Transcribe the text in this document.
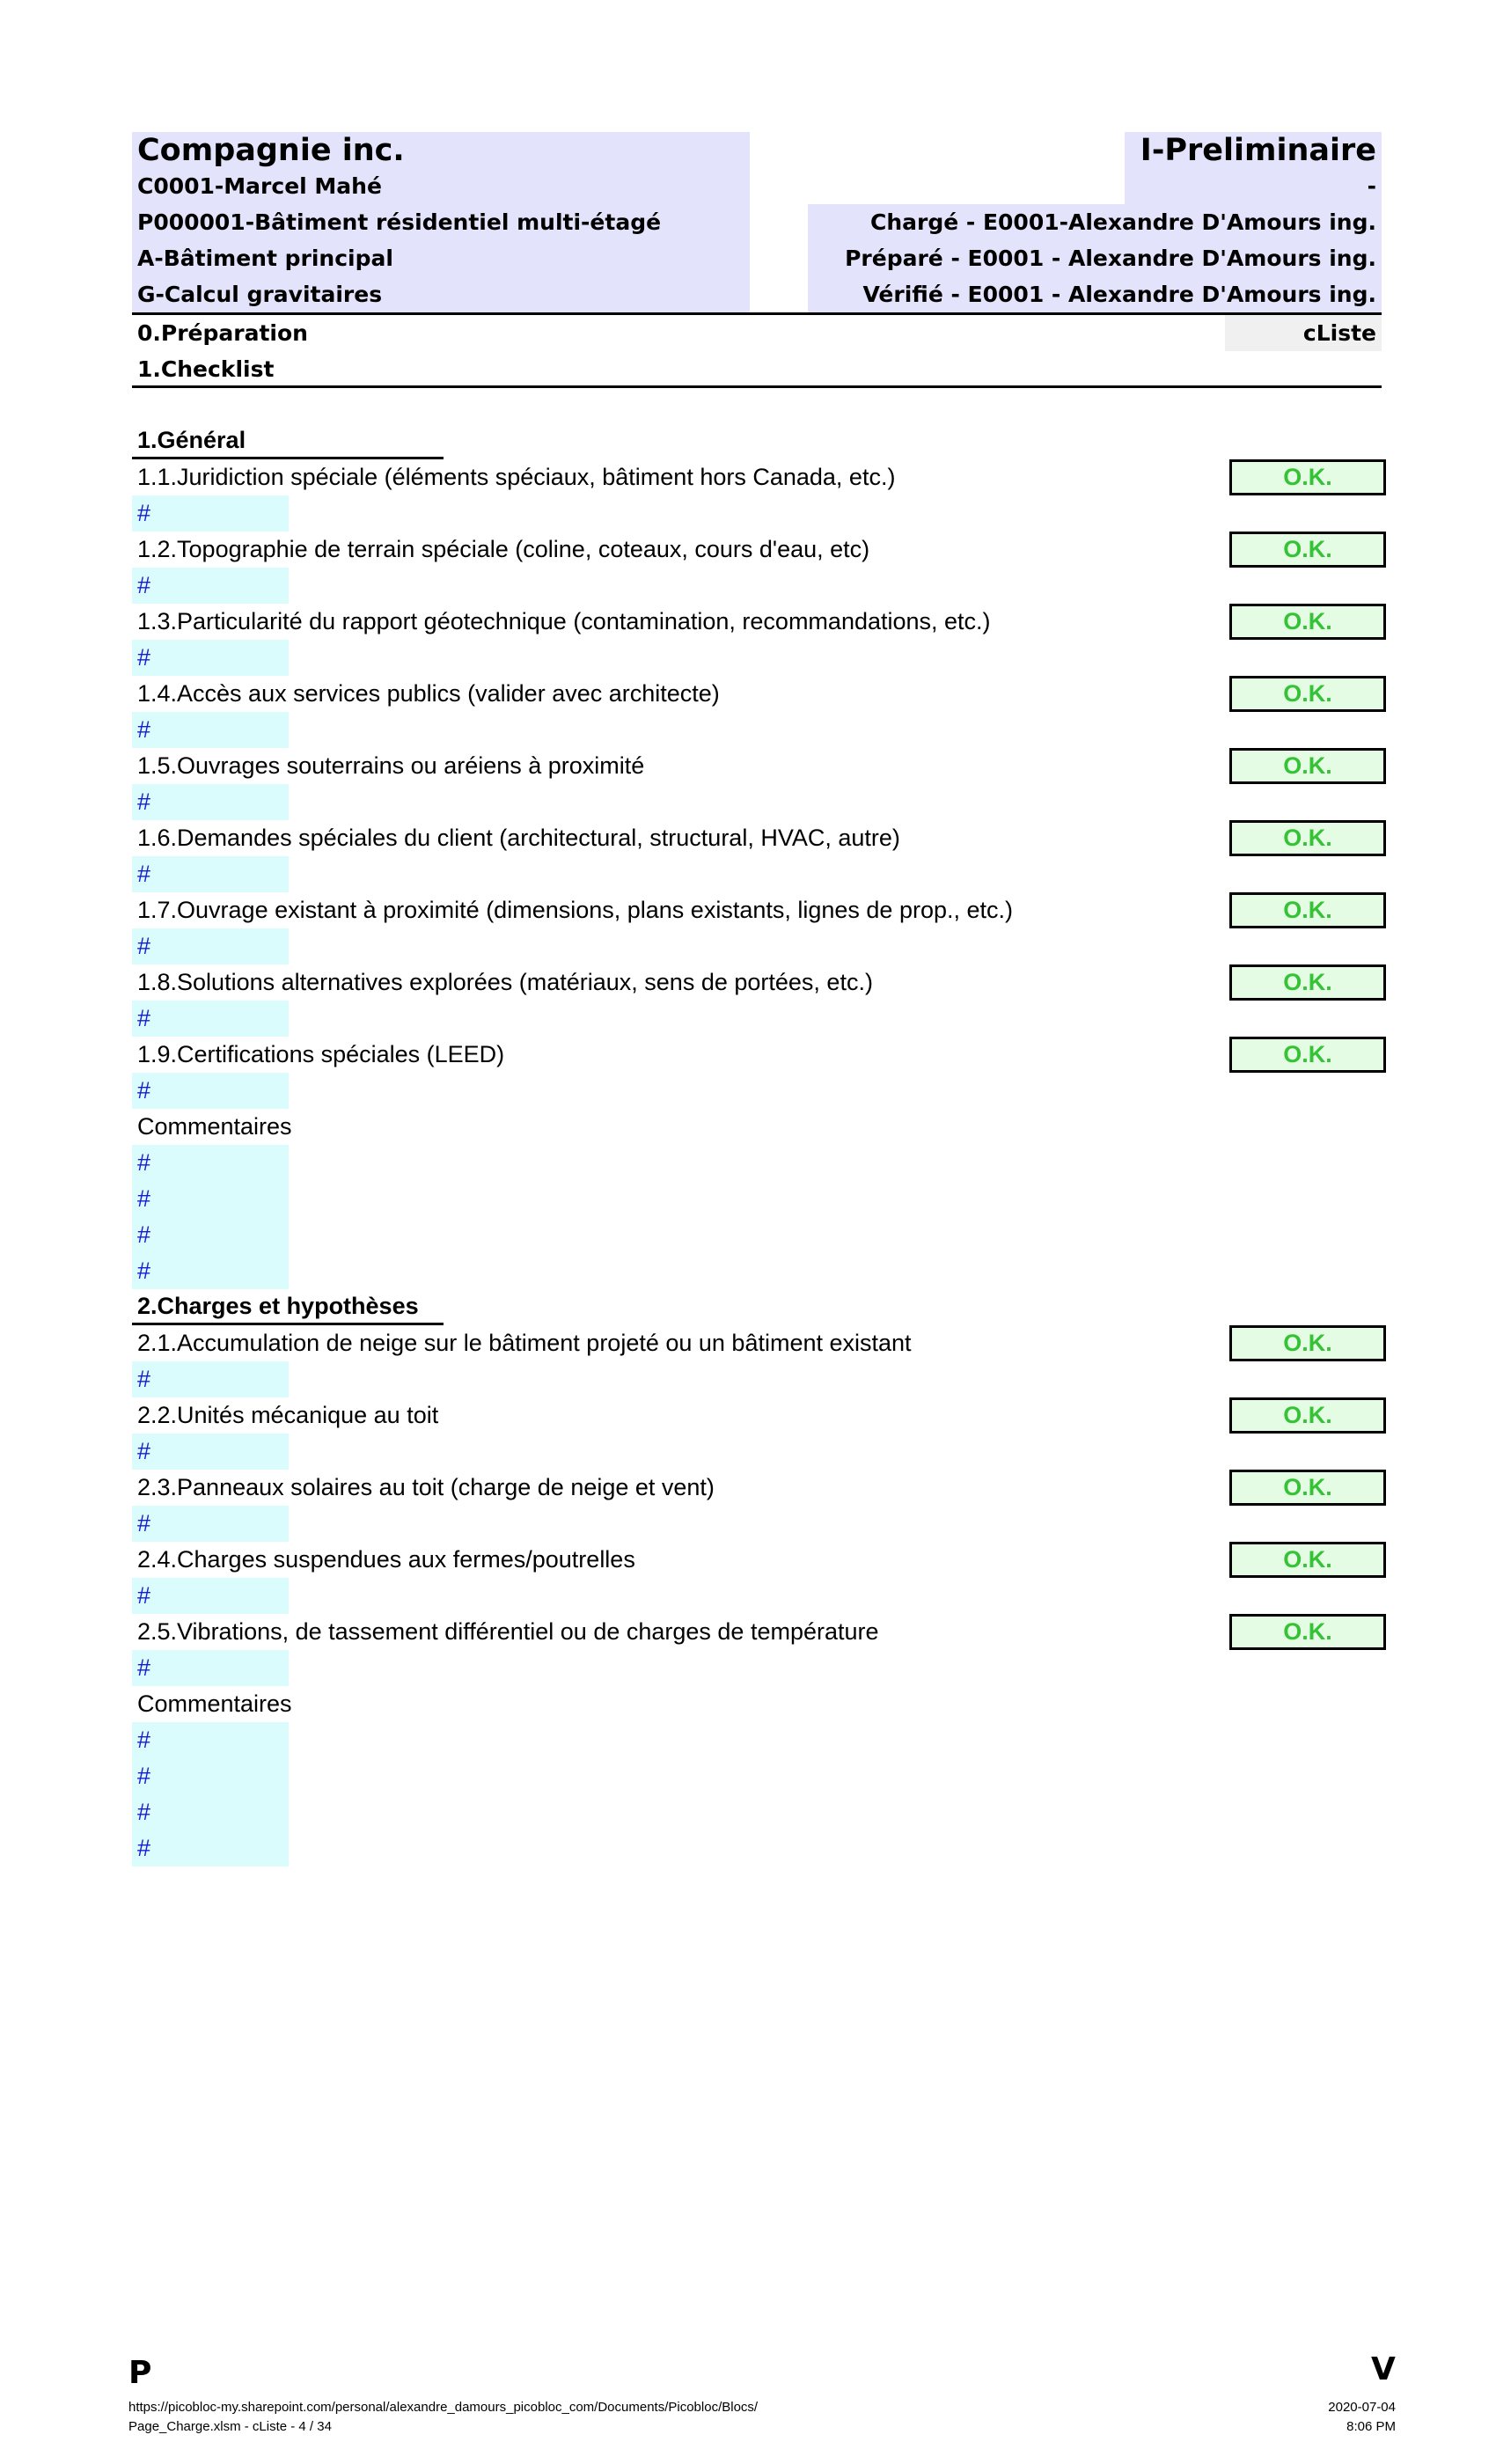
Compagnie inc.	I-Preliminaire
C0001-Marcel Mahé	-
P000001-Bâtiment résidentiel multi-étagé	Chargé - E0001-Alexandre D'Amours ing.
A-Bâtiment principal	Préparé - E0001 - Alexandre D'Amours ing.
G-Calcul gravitaires	Vérifié - E0001 - Alexandre D'Amours ing.
0.Préparation	cListe
1.Checklist
1.Général
1.1.Juridiction spéciale (éléments spéciaux, bâtiment hors Canada, etc.)	O.K.
#
1.2.Topographie de terrain spéciale (coline, coteaux, cours d'eau, etc)	O.K.
#
1.3.Particularité du rapport géotechnique (contamination, recommandations, etc.)	O.K.
#
1.4.Accès aux services publics (valider avec architecte)	O.K.
#
1.5.Ouvrages souterrains ou aréiens à proximité	O.K.
#
1.6.Demandes spéciales du client (architectural, structural, HVAC, autre)	O.K.
#
1.7.Ouvrage existant à proximité (dimensions, plans existants, lignes de prop., etc.)	O.K.
#
1.8.Solutions alternatives explorées (matériaux, sens de portées, etc.)	O.K.
#
1.9.Certifications spéciales (LEED)	O.K.
#
Commentaires
#
#
#
#
2.Charges et hypothèses
2.1.Accumulation de neige sur le bâtiment projeté ou un bâtiment existant	O.K.
#
2.2.Unités mécanique au toit	O.K.
#
2.3.Panneaux solaires au toit (charge de neige et vent)	O.K.
#
2.4.Charges suspendues aux fermes/poutrelles	O.K.
#
2.5.Vibrations, de tassement différentiel ou de charges de température	O.K.
#
Commentaires
#
#
#
#
P	V
https://picobloc-my.sharepoint.com/personal/alexandre_damours_picobloc_com/Documents/Picobloc/Blocs/
Page_Charge.xlsm - cListe - 4 / 34
2020-07-04
8:06 PM
